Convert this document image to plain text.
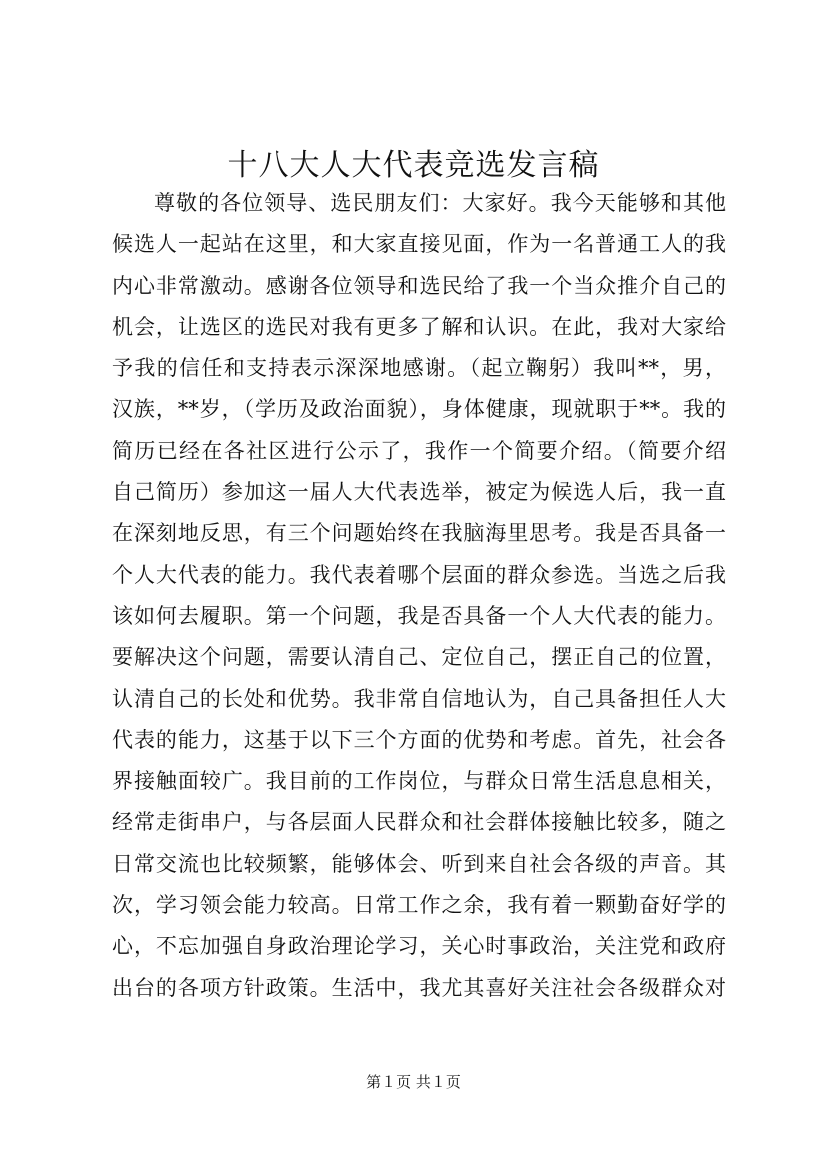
十八大人大代表竞选发言稿
尊敬的各位领导、选民朋友们：大家好。我今天能够和其他
候选人一起站在这里，和大家直接见面，作为一名普通工人的我
内心非常激动。感谢各位领导和选民给了我一个当众推介自己的
机会，让选区的选民对我有更多了解和认识。在此，我对大家给
予我的信任和支持表示深深地感谢。（起立鞠躬）我叫**，男，
汉族，**岁，（学历及政治面貌），身体健康，现就职于**。我的
简历已经在各社区进行公示了，我作一个简要介绍。（简要介绍
自己简历）参加这一届人大代表选举，被定为候选人后，我一直
在深刻地反思，有三个问题始终在我脑海里思考。我是否具备一
个人大代表的能力。我代表着哪个层面的群众参选。当选之后我
该如何去履职。第一个问题，我是否具备一个人大代表的能力。
要解决这个问题，需要认清自己、定位自己，摆正自己的位置，
认清自己的长处和优势。我非常自信地认为，自己具备担任人大
代表的能力，这基于以下三个方面的优势和考虑。首先，社会各
界接触面较广。我目前的工作岗位，与群众日常生活息息相关，
经常走街串户，与各层面人民群众和社会群体接触比较多，随之
日常交流也比较频繁，能够体会、听到来自社会各级的声音。其
次，学习领会能力较高。日常工作之余，我有着一颗勤奋好学的
心，不忘加强自身政治理论学习，关心时事政治，关注党和政府
出台的各项方针政策。生活中，我尤其喜好关注社会各级群众对
第１页 共１页
